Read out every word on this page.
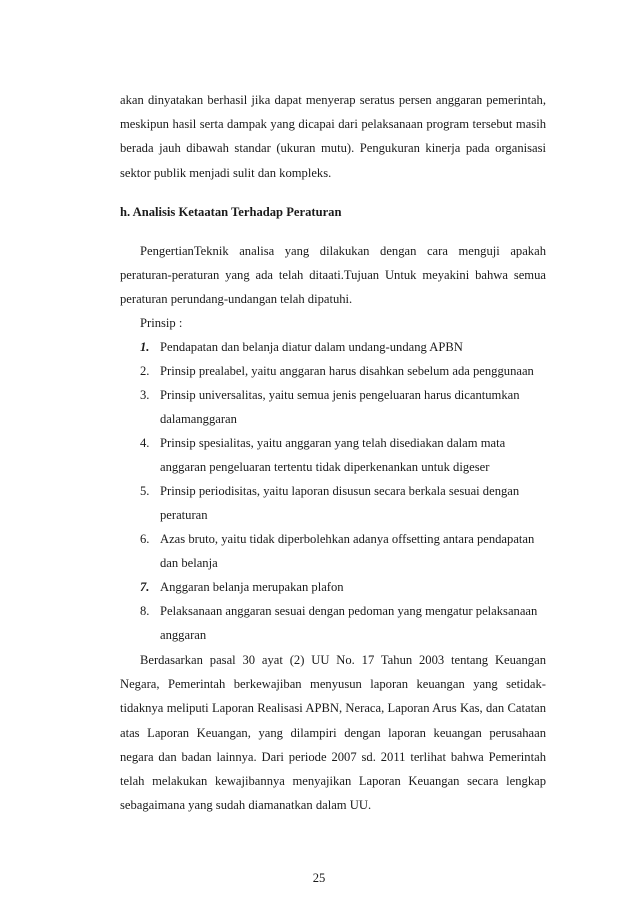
akan dinyatakan berhasil jika dapat menyerap seratus persen anggaran pemerintah, meskipun hasil serta dampak yang dicapai dari pelaksanaan program tersebut masih berada jauh dibawah standar (ukuran mutu). Pengukuran kinerja pada organisasi sektor publik menjadi sulit dan kompleks.

h. Analisis Ketaatan Terhadap Peraturan

PengertianTeknik analisa yang dilakukan dengan cara menguji apakah peraturan-peraturan yang ada telah ditaati.Tujuan Untuk meyakini bahwa semua peraturan perundang-undangan telah dipatuhi.

Prinsip :

1. Pendapatan dan belanja diatur dalam undang-undang APBN
2. Prinsip prealabel, yaitu anggaran harus disahkan sebelum ada penggunaan
3. Prinsip universalitas, yaitu semua jenis pengeluaran harus dicantumkan dalamanggaran
4. Prinsip spesialitas, yaitu anggaran yang telah disediakan dalam mata anggaran pengeluaran tertentu tidak diperkenankan untuk digeser
5. Prinsip periodisitas, yaitu laporan disusun secara berkala sesuai dengan peraturan
6. Azas bruto, yaitu tidak diperbolehkan adanya offsetting antara pendapatan dan belanja
7. Anggaran belanja merupakan plafon
8. Pelaksanaan anggaran sesuai dengan pedoman yang mengatur pelaksanaan anggaran

Berdasarkan pasal 30 ayat (2) UU No. 17 Tahun 2003 tentang Keuangan Negara, Pemerintah berkewajiban menyusun laporan keuangan yang setidak-tidaknya meliputi Laporan Realisasi APBN, Neraca, Laporan Arus Kas, dan Catatan atas Laporan Keuangan, yang dilampiri dengan laporan keuangan perusahaan negara dan badan lainnya. Dari periode 2007 sd. 2011 terlihat bahwa Pemerintah telah melakukan kewajibannya menyajikan Laporan Keuangan secara lengkap sebagaimana yang sudah diamanatkan dalam UU.

25
